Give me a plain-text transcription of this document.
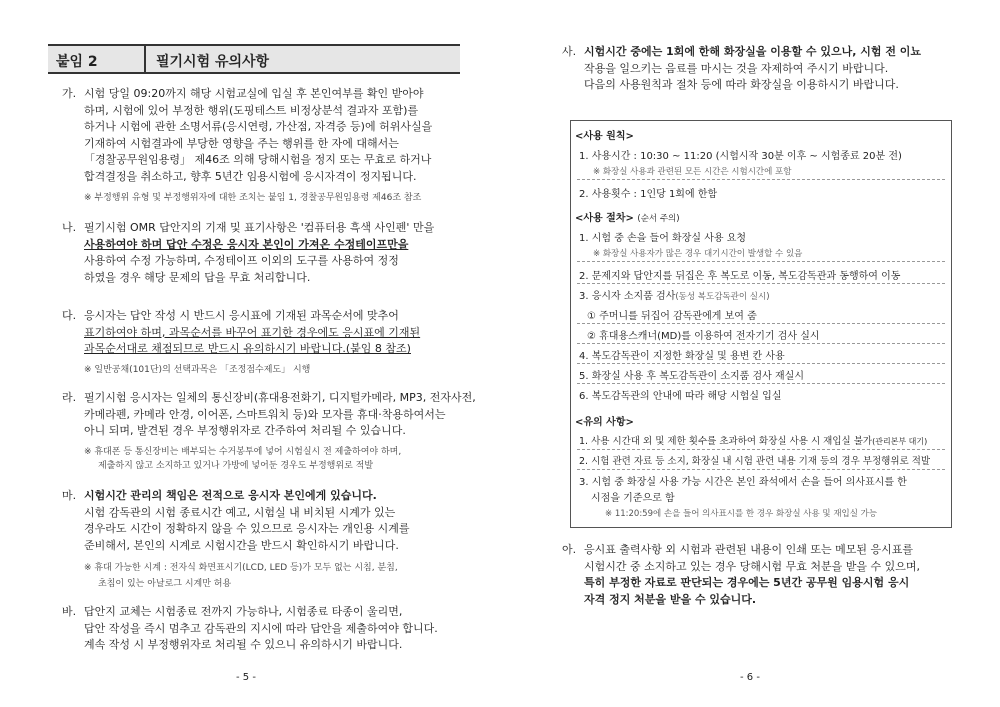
붙임 2	필기시험 유의사항
가. 시험 당일 09:20까지 해당 시험교실에 입실 후 본인여부를 확인 받아야
하며, 시험에 있어 부정한 행위(도핑테스트 비정상분석 결과자 포함)를
하거나 시험에 관한 소명서류(응시연령, 가산점, 자격증 등)에 허위사실을
기재하여 시험결과에 부당한 영향을 주는 행위를 한 자에 대해서는
「경찰공무원임용령」 제46조 의해 당해시험을 정지 또는 무효로 하거나
합격결정을 취소하고, 향후 5년간 임용시험에 응시자격이 정지됩니다.
※ 부정행위 유형 및 부정행위자에 대한 조치는 붙임 1, 경찰공무원임용령 제46조 참조
나. 필기시험 OMR 답안지의 기재 및 표기사항은 '컴퓨터용 흑색 사인펜' 만을
사용하여야 하며 답안 수정은 응시자 본인이 가져온 수정테이프만을
사용하여 수정 가능하며, 수정테이프 이외의 도구를 사용하여 정정
하였을 경우 해당 문제의 답을 무효 처리합니다.
다. 응시자는 답안 작성 시 반드시 응시표에 기재된 과목순서에 맞추어
표기하여야 하며, 과목순서를 바꾸어 표기한 경우에도 응시표에 기재된
과목순서대로 채점되므로 반드시 유의하시기 바랍니다.(붙임 8 참조)
※ 일반공채(101단)의 선택과목은 「조정점수제도」 시행
라. 필기시험 응시자는 일체의 통신장비(휴대용전화기, 디지털카메라, MP3, 전자사전,
카메라펜, 카메라 안경, 이어폰, 스마트워치 등)와 모자를 휴대·착용하여서는
아니 되며, 발견된 경우 부정행위자로 간주하여 처리될 수 있습니다.
※ 휴대폰 등 통신장비는 배부되는 수거봉투에 넣어 시험실시 전 제출하여야 하며,
제출하지 않고 소지하고 있거나 가방에 넣어둔 경우도 부정행위로 적발
마. 시험시간 관리의 책임은 전적으로 응시자 본인에게 있습니다.
시험 감독관의 시험 종료시간 예고, 시험실 내 비치된 시계가 있는
경우라도 시간이 정확하지 않을 수 있으므로 응시자는 개인용 시계를
준비해서, 본인의 시계로 시험시간을 반드시 확인하시기 바랍니다.
※ 휴대 가능한 시계 : 전자식 화면표시기(LCD, LED 등)가 모두 없는 시침, 분침,
초침이 있는 아날로그 시계만 허용
바. 답안지 교체는 시험종료 전까지 가능하나, 시험종료 타종이 울리면,
답안 작성을 즉시 멈추고 감독관의 지시에 따라 답안을 제출하여야 합니다.
계속 작성 시 부정행위자로 처리될 수 있으니 유의하시기 바랍니다.
- 5 -
사. 시험시간 중에는 1회에 한해 화장실을 이용할 수 있으나, 시험 전 이뇨
작용을 일으키는 음료를 마시는 것을 자제하여 주시기 바랍니다.
다음의 사용원칙과 절차 등에 따라 화장실을 이용하시기 바랍니다.
아. 응시표 출력사항 외 시험과 관련된 내용이 인쇄 또는 메모된 응시표를
시험시간 중 소지하고 있는 경우 당해시험 무효 처분을 받을 수 있으며,
특히 부정한 자료로 판단되는 경우에는 5년간 공무원 임용시험 응시
자격 정지 처분을 받을 수 있습니다.
- 6 -
<사용 원칙>
1. 사용시간 : 10:30 ~ 11:20 (시험시작 30분 이후 ~ 시험종료 20분 전)
※ 화장실 사용과 관련된 모든 시간은 시험시간에 포함
2. 사용횟수 : 1인당 1회에 한함
<사용 절차> (순서 주의)
1. 시험 중 손을 들어 화장실 사용 요청
※ 화장실 사용자가 많은 경우 대기시간이 발생할 수 있음
2. 문제지와 답안지를 뒤집은 후 복도로 이동, 복도감독관과 동행하여 이동
3. 응시자 소지품 검사(동성 복도감독관이 실시)
① 주머니를 뒤집어 감독관에게 보여 줌
② 휴대용스캐너(MD)를 이용하여 전자기기 검사 실시
4. 복도감독관이 지정한 화장실 및 용변 칸 사용
5. 화장실 사용 후 복도감독관이 소지품 검사 재실시
6. 복도감독관의 안내에 따라 해당 시험실 입실
<유의 사항>
1. 사용 시간대 외 및 제한 횟수를 초과하여 화장실 사용 시 재입실 불가(관리본부 대기)
2. 시험 관련 자료 등 소지, 화장실 내 시험 관련 내용 기재 등의 경우 부정행위로 적발
3. 시험 중 화장실 사용 가능 시간은 본인 좌석에서 손을 들어 의사표시를 한
시점을 기준으로 함
※ 11:20:59에 손을 들어 의사표시를 한 경우 화장실 사용 및 재입실 가능
